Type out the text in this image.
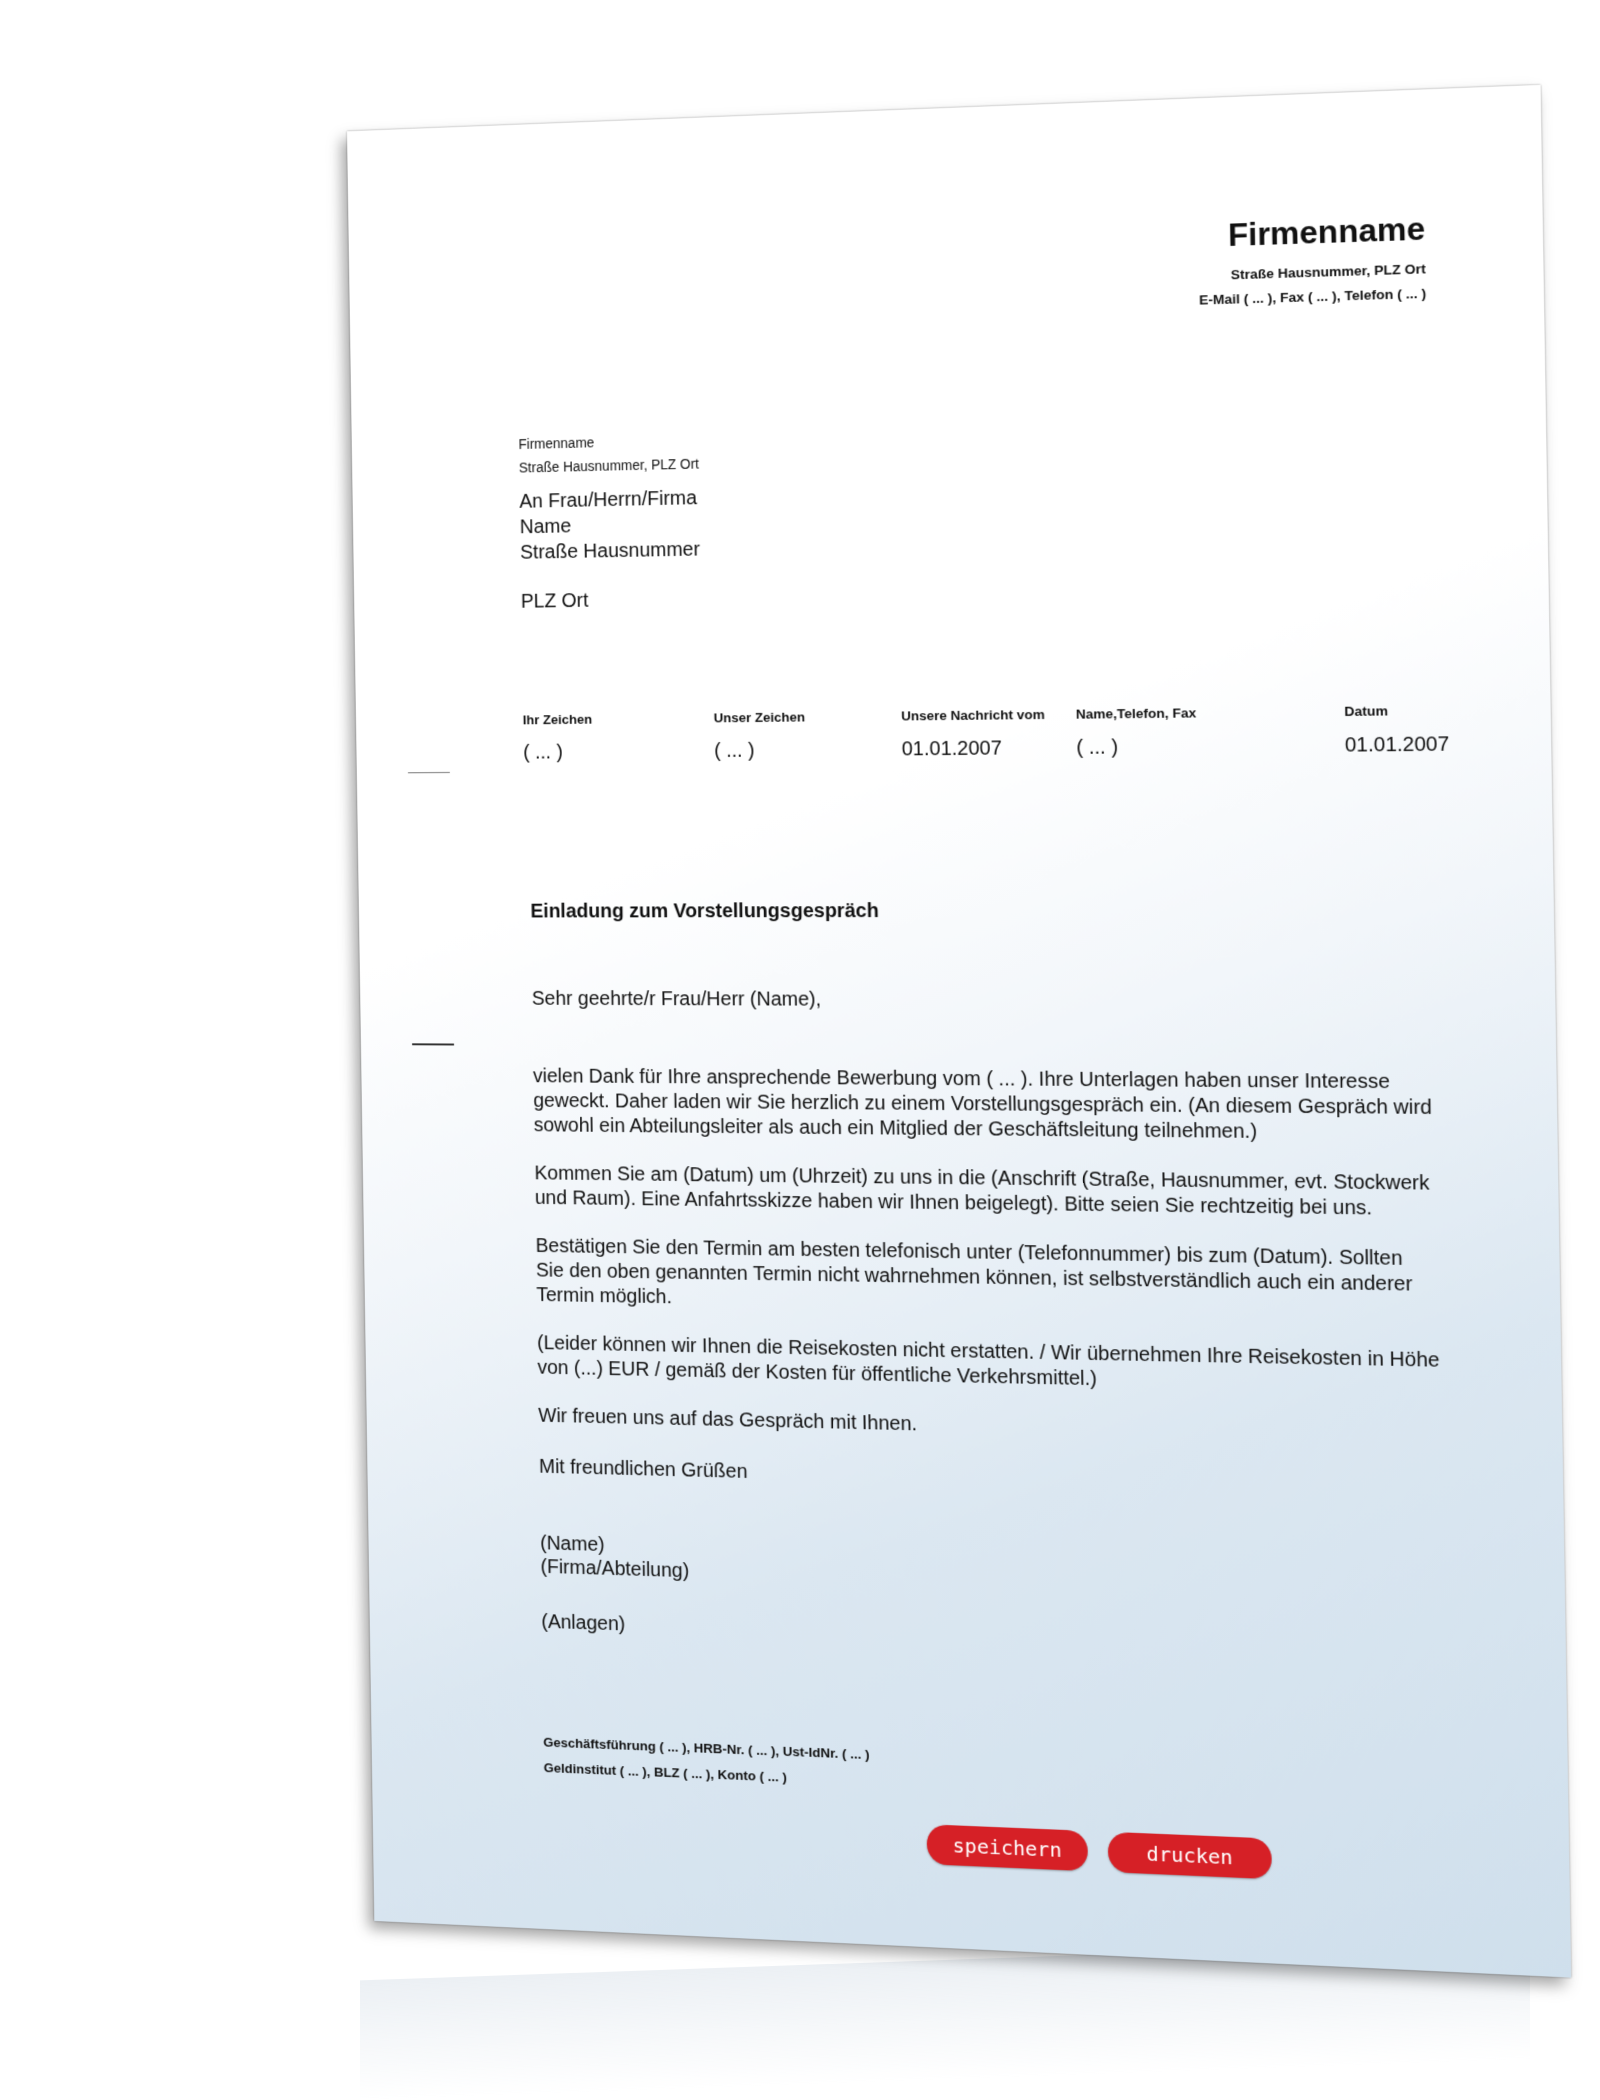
Firmenname
Straße Hausnummer, PLZ Ort
E-Mail ( ... ), Fax ( ... ), Telefon ( ... )
Firmenname
Straße Hausnummer, PLZ Ort
An Frau/Herrn/Firma
Name
Straße Hausnummer
PLZ Ort
Ihr Zeichen
( ... )
Unser Zeichen
( ... )
Unsere Nachricht vom
01.01.2007
Name,Telefon, Fax
( ... )
Datum
01.01.2007
Einladung zum Vorstellungsgespräch

Sehr geehrte/r Frau/Herr (Name),

vielen Dank für Ihre ansprechende Bewerbung vom ( ... ). Ihre Unterlagen haben unser Interesse geweckt. Daher laden wir Sie herzlich zu einem Vorstellungsgespräch ein. (An diesem Gespräch wird sowohl ein Abteilungsleiter als auch ein Mitglied der Geschäftsleitung teilnehmen.)

Kommen Sie am (Datum) um (Uhrzeit) zu uns in die (Anschrift (Straße, Hausnummer, evt. Stockwerk und Raum). Eine Anfahrtsskizze haben wir Ihnen beigelegt). Bitte seien Sie rechtzeitig bei uns.

Bestätigen Sie den Termin am besten telefonisch unter (Telefonnummer) bis zum (Datum). Sollten Sie den oben genannten Termin nicht wahrnehmen können, ist selbstverständlich auch ein anderer Termin möglich.

(Leider können wir Ihnen die Reisekosten nicht erstatten. / Wir übernehmen Ihre Reisekosten in Höhe von (...) EUR / gemäß der Kosten für öffentliche Verkehrsmittel.)

Wir freuen uns auf das Gespräch mit Ihnen.

Mit freundlichen Grüßen
(Name)
(Firma/Abteilung)
(Anlagen)
Geschäftsführung ( ... ), HRB-Nr. ( ... ), Ust-IdNr. ( ... )
Geldinstitut ( ... ), BLZ ( ... ), Konto ( ... )
speichern	drucken
